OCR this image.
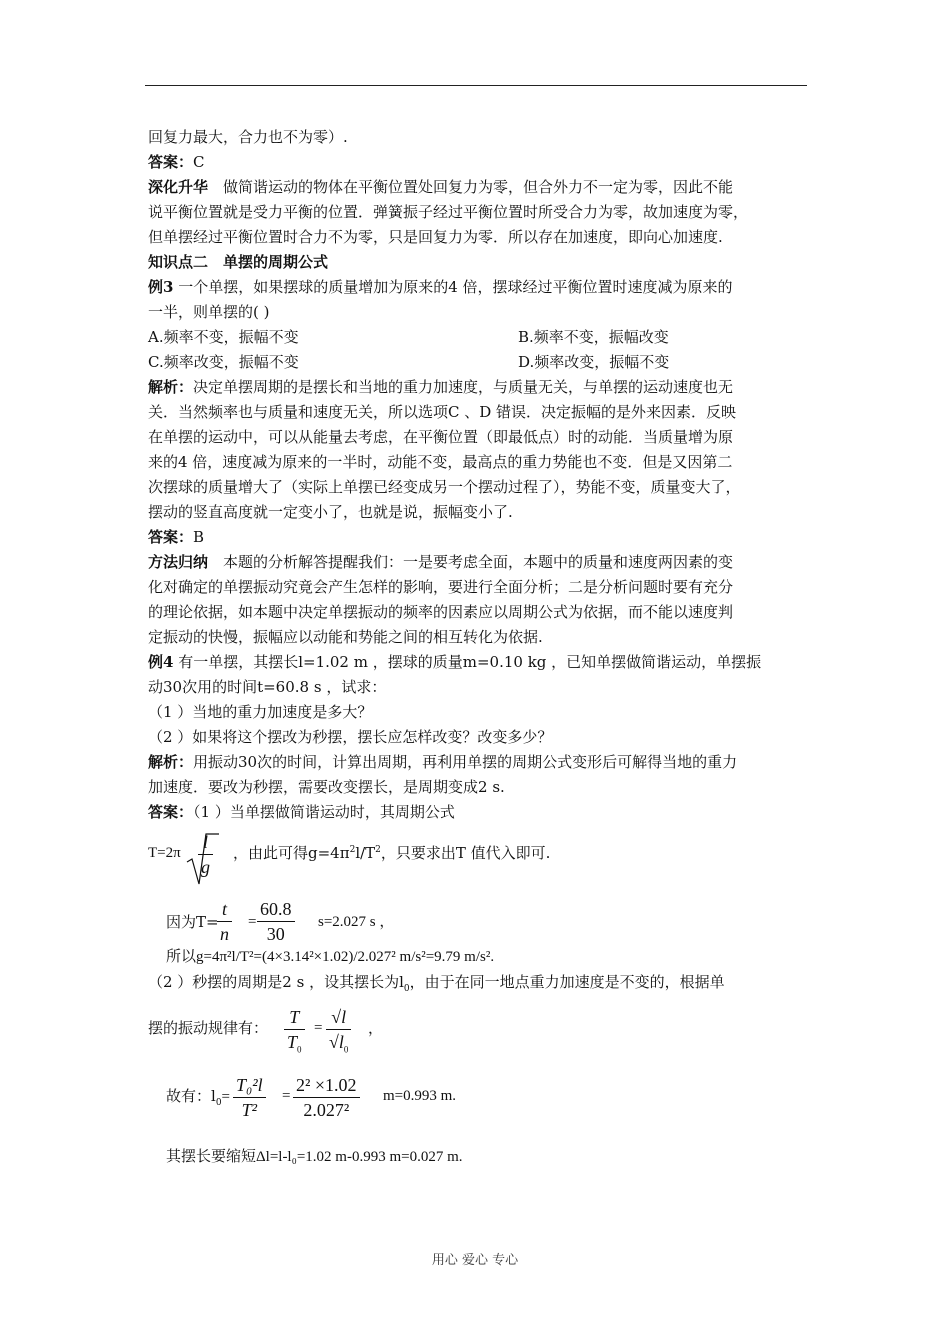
回复力最大，合力也不为零）.
答案：C
深化升华　做简谐运动的物体在平衡位置处回复力为零，但合外力不一定为零，因此不能
说平衡位置就是受力平衡的位置．弹簧振子经过平衡位置时所受合力为零，故加速度为零，
但单摆经过平衡位置时合力不为零，只是回复力为零．所以存在加速度，即向心加速度.
知识点二　单摆的周期公式
例3 一个单摆，如果摆球的质量增加为原来的4 倍，摆球经过平衡位置时速度减为原来的
一半，则单摆的( )
A.频率不变，振幅不变	B.频率不变，振幅改变
C.频率改变，振幅不变	D.频率改变，振幅不变
解析：决定单摆周期的是摆长和当地的重力加速度，与质量无关，与单摆的运动速度也无
关．当然频率也与质量和速度无关，所以选项C 、D 错误．决定振幅的是外来因素．反映
在单摆的运动中，可以从能量去考虑，在平衡位置（即最低点）时的动能．当质量增为原
来的4 倍，速度减为原来的一半时，动能不变，最高点的重力势能也不变．但是又因第二
次摆球的质量增大了（实际上单摆已经变成另一个摆动过程了），势能不变，质量变大了，
摆动的竖直高度就一定变小了，也就是说，振幅变小了.
答案：B
方法归纳　本题的分析解答提醒我们：一是要考虑全面，本题中的质量和速度两因素的变
化对确定的单摆振动究竟会产生怎样的影响，要进行全面分析；二是分析问题时要有充分
的理论依据，如本题中决定单摆振动的频率的因素应以周期公式为依据，而不能以速度判
定振动的快慢，振幅应以动能和势能之间的相互转化为依据.
例4 有一单摆，其摆长l=1.02 m ，摆球的质量m=0.10 kg ，已知单摆做简谐运动，单摆振
动30次用的时间t=60.8 s ，试求：
（1 ）当地的重力加速度是多大？
（2 ）如果将这个摆改为秒摆，摆长应怎样改变？改变多少？
解析：用振动30次的时间，计算出周期，再利用单摆的周期公式变形后可解得当地的重力
加速度．要改为秒摆，需要改变摆长，是周期变成2 s.
答案：（1 ）当单摆做简谐运动时，其周期公式
$T=2\pi \frac{l}{g}$ ，由此可得$g=4\pi^2l/T^2$，只要求出T 值代入即可.
因为T=
$\frac{t}{n} = \frac{60.8}{30} s=2.027$ s ，
所以g=4π²l/T²=(4×3.14²×1.02)/2.027² m/s²=9.79 m/s².
（2 ）秒摆的周期是2 s ，设其摆长为$l_0$，由于在同一地点重力加速度是不变的，根据单
摆的振动规律有： $\frac{T}{T_0} = \frac{√l}{√l_0}$ ，
故有：$l_0= \frac{\text{T₀²l}}{\text{T²}} = \frac{\text{2² ×1.02}}{\text{2.027²}} m=0.993$ m.
其摆长要缩短Δl=l-l₀=1.02 m-0.993 m=0.027 m.
用心 爱心 专心
